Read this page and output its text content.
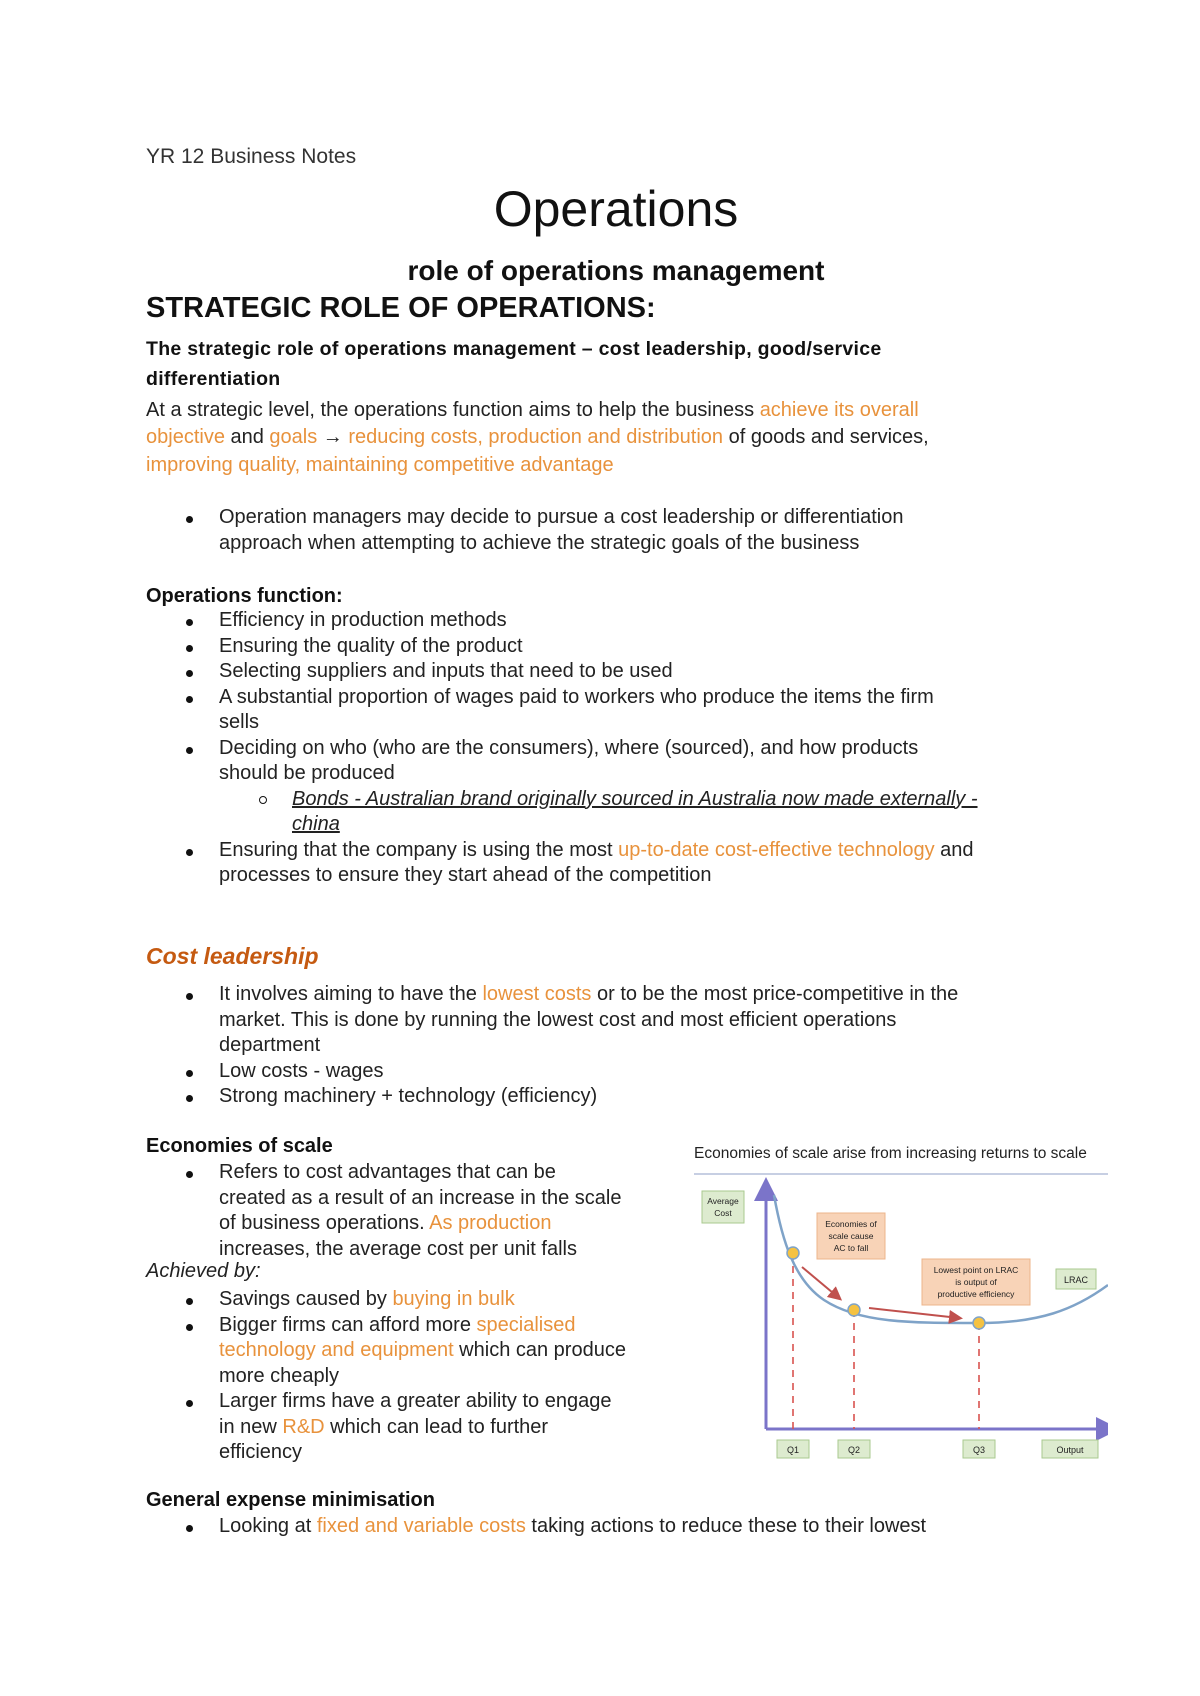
YR 12 Business Notes
Operations
role of operations management
STRATEGIC ROLE OF OPERATIONS:
The strategic role of operations management – cost leadership, good/service
differentiation
At a strategic level, the operations function aims to help the business achieve its overall
objective and goals → reducing costs, production and distribution of goods and services,
improving quality, maintaining competitive advantage
Operation managers may decide to pursue a cost leadership or differentiation
approach when attempting to achieve the strategic goals of the business
Operations function:
Efficiency in production methods
Ensuring the quality of the product
Selecting suppliers and inputs that need to be used
A substantial proportion of wages paid to workers who produce the items the firm
sells
Deciding on who (who are the consumers), where (sourced), and how products
should be produced
Bonds - Australian brand originally sourced in Australia now made externally -
china
Ensuring that the company is using the most up-to-date cost-effective technology and
processes to ensure they start ahead of the competition
Cost leadership
It involves aiming to have the lowest costs or to be the most price-competitive in the
market. This is done by running the lowest cost and most efficient operations
department
Low costs - wages
Strong machinery + technology (efficiency)
Economies of scale
Refers to cost advantages that can be
created as a result of an increase in the scale
of business operations. As production
increases, the average cost per unit falls
Achieved by:
Savings caused by buying in bulk
Bigger firms can afford more specialised
technology and equipment which can produce
more cheaply
Larger firms have a greater ability to engage
in new R&D which can lead to further
efficiency
General expense minimisation
Looking at fixed and variable costs taking actions to reduce these to their lowest
Economies of scale arise from increasing returns to scale
Average
Cost
Economies of
scale cause
AC to fall
Lowest point on LRAC
is output of
productive efficiency
LRAC
Q1	Q2	Q3	Output
